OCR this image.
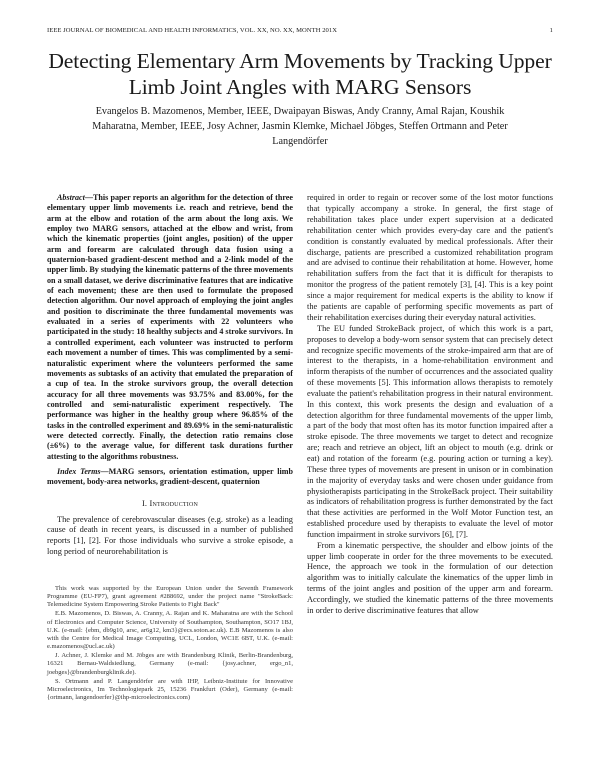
IEEE JOURNAL OF BIOMEDICAL AND HEALTH INFORMATICS, VOL. XX, NO. XX, MONTH 201X	1
Detecting Elementary Arm Movements by Tracking Upper Limb Joint Angles with MARG Sensors
Evangelos B. Mazomenos, Member, IEEE, Dwaipayan Biswas, Andy Cranny, Amal Rajan, Koushik Maharatna, Member, IEEE, Josy Achner, Jasmin Klemke, Michael Jöbges, Steffen Ortmann and Peter Langendörfer

Abstract—This paper reports an algorithm for the detection of three elementary upper limb movements i.e. reach and retrieve, bend the arm at the elbow and rotation of the arm about the long axis. We employ two MARG sensors, attached at the elbow and wrist, from which the kinematic properties (joint angles, position) of the upper arm and forearm are calculated through data fusion using a quaternion-based gradient-descent method and a 2-link model of the upper limb. By studying the kinematic patterns of the three movements on a small dataset, we derive discriminative features that are indicative of each movement; these are then used to formulate the proposed detection algorithm. Our novel approach of employing the joint angles and position to discriminate the three fundamental movements was evaluated in a series of experiments with 22 volunteers who participated in the study: 18 healthy subjects and 4 stroke survivors. In a controlled experiment, each volunteer was instructed to perform each movement a number of times. This was complimented by a semi-naturalistic experiment where the volunteers performed the same movements as subtasks of an activity that emulated the preparation of a cup of tea. In the stroke survivors group, the overall detection accuracy for all three movements was 93.75% and 83.00%, for the controlled and semi-naturalistic experiment respectively. The performance was higher in the healthy group where 96.85% of the tasks in the controlled experiment and 89.69% in the semi-naturalistic were detected correctly. Finally, the detection ratio remains close (±6%) to the average value, for different task durations further attesting to the algorithms robustness.

Index Terms—MARG sensors, orientation estimation, upper limb movement, body-area networks, gradient-descent, quaternion

I. Introduction

The prevalence of cerebrovascular diseases (e.g. stroke) as a leading cause of death in recent years, is discussed in a number of published reports [1], [2]. For those individuals who survive a stroke episode, a long period of neurorehabilitation is

This work was supported by the European Union under the Seventh Framework Programme (EU-FP7), grant agreement #288692, under the project name "StrokeBack: Telemedicine System Empowering Stroke Patients to Fight Back"

E.B. Mazomenos, D. Biswas, A. Cranny, A. Rajan and K. Maharatna are with the School of Electronics and Computer Science, University of Southampton, Southampton, SO17 1BJ, U.K. (e-mail: {ebm, db9g10, arsc, ar6g12, km3}@ecs.soton.ac.uk). E.B Mazomenos is also with the Centre for Medical Image Computing, UCL, London, WC1E 6BT, U.K. (e-mail: e.mazomenos@ucl.ac.uk)

J. Achner, J. Klemke and M. Jöbges are with Brandenburg Klinik, Berlin-Brandenburg, 16321 Bernau-Waldsiedlung, Germany (e-mail: {josy.achner, ergo_n1, joebges}@brandenburgklinik.de).

S. Ortmann and P. Langendörfer are with IHP, Leibniz-Institute for Innovative Microelectronics, Im Technologiepark 25, 15236 Frankfurt (Oder), Germany (e-mail: {ortmann, langendoerfer}@ihp-microelectronics.com)

required in order to regain or recover some of the lost motor functions that typically accompany a stroke. In general, the first stage of rehabilitation takes place under expert supervision at a dedicated rehabilitation center which provides every-day care and the patient's condition is constantly evaluated by medical professionals. After their discharge, patients are prescribed a customized rehabilitation program and are advised to continue their rehabilitation at home. However, home rehabilitation suffers from the fact that it is difficult for therapists to monitor the progress of the patient remotely [3], [4]. This is a key point since a major requirement for medical experts is the ability to know if the patients are capable of performing specific movements as part of their rehabilitation exercises during their everyday natural activities.

The EU funded StrokeBack project, of which this work is a part, proposes to develop a body-worn sensor system that can precisely detect and recognize specific movements of the stroke-impaired arm that are of interest to the therapists, in a home-rehabilitation environment and inform therapists of the number of occurrences and the associated quality of these movements [5]. This information allows therapists to remotely evaluate the patient's rehabilitation progress in their natural environment. In this context, this work presents the design and evaluation of a detection algorithm for three fundamental movements of the upper limb, a part of the body that most often has its motor function impaired after a stroke episode. The three movements we target to detect and recognize are; reach and retrieve an object, lift an object to mouth (e.g. drink or eat) and rotation of the forearm (e.g. pouring action or turning a key). These three types of movements are present in unison or in combination in the majority of everyday tasks and were chosen under guidance from physiotherapists participating in the StrokeBack project. Their suitability as indicators of rehabilitation progress is further demonstrated by the fact that these activities are performed in the Wolf Motor Function test, an established procedure used by therapists to evaluate the level of motor function impairment in stroke survivors [6], [7].

From a kinematic perspective, the shoulder and elbow joints of the upper limb cooperate in order for the three movements to be executed. Hence, the approach we took in the formulation of our detection algorithm was to initially calculate the kinematics of the upper limb in terms of the joint angles and position of the upper arm and forearm. Accordingly, we studied the kinematic patterns of the three movements in order to derive discriminative features that allow
